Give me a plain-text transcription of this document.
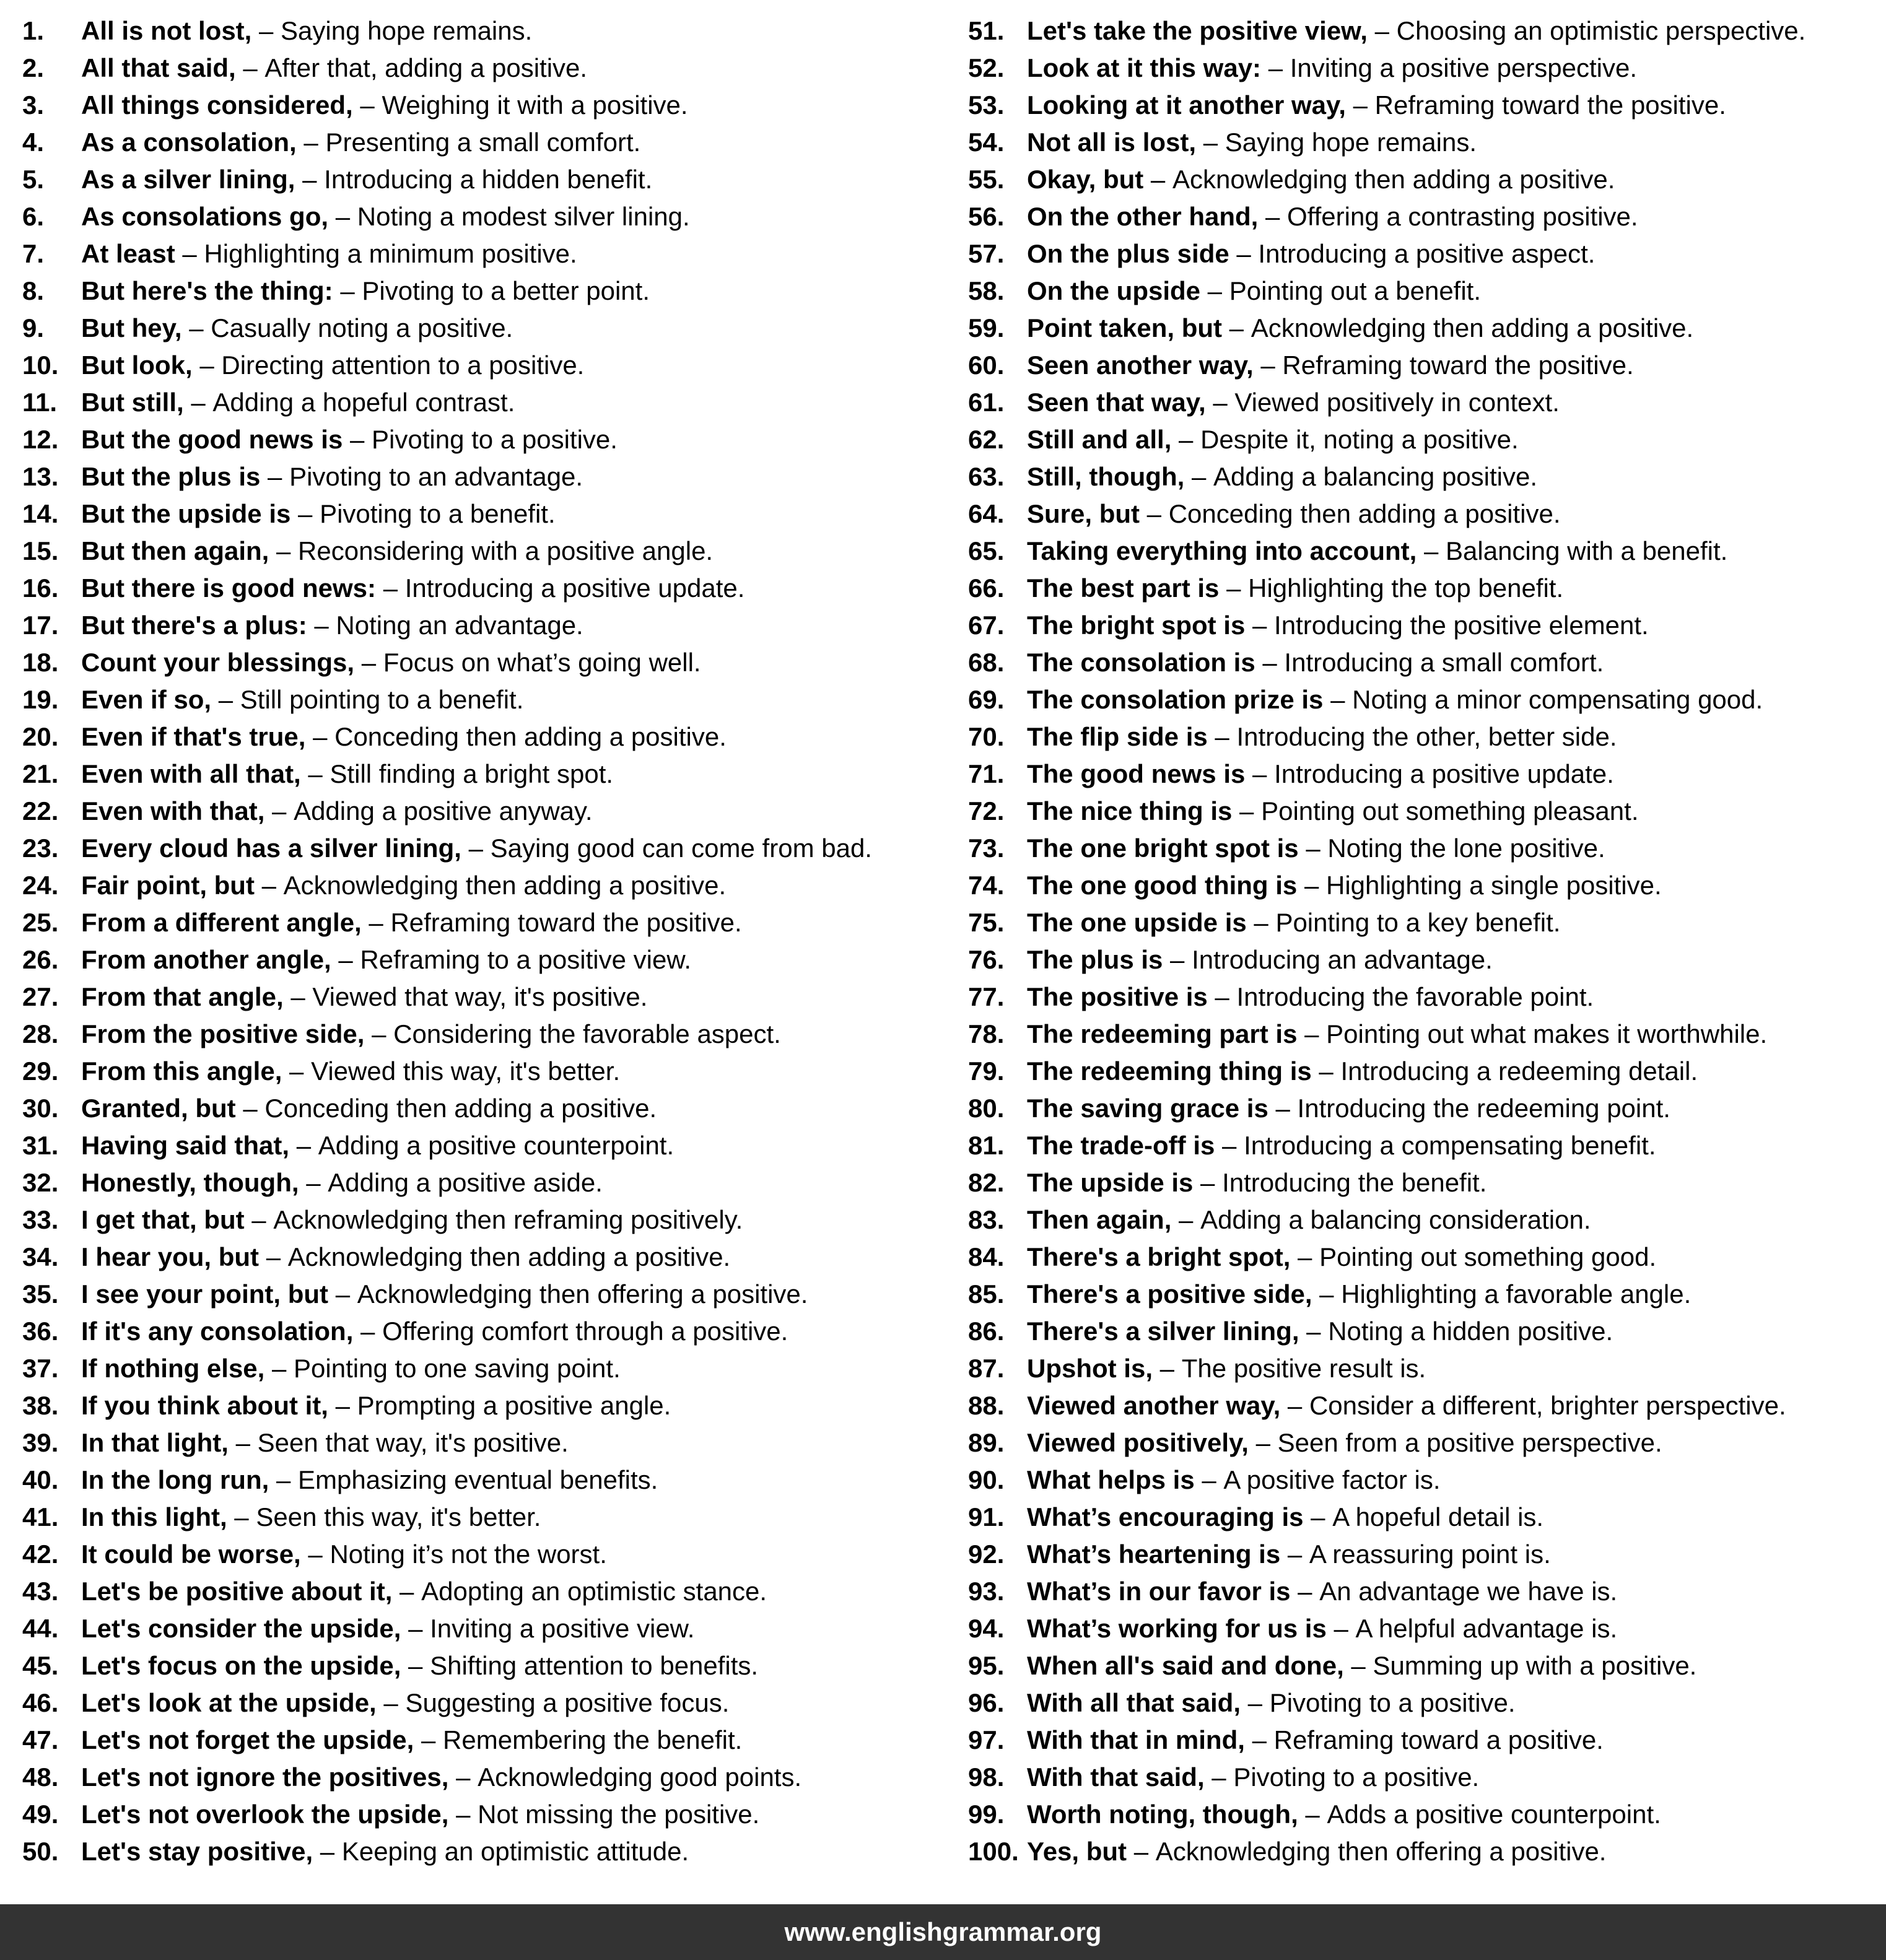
1.	All is not lost, – Saying hope remains.
2.	All that said, – After that, adding a positive.
3.	All things considered, – Weighing it with a positive.
4.	As a consolation, – Presenting a small comfort.
5.	As a silver lining, – Introducing a hidden benefit.
6.	As consolations go, – Noting a modest silver lining.
7.	At least – Highlighting a minimum positive.
8.	But here's the thing: – Pivoting to a better point.
9.	But hey, – Casually noting a positive.
10. But look, – Directing attention to a positive.
11. But still, – Adding a hopeful contrast.
12. But the good news is – Pivoting to a positive.
13. But the plus is – Pivoting to an advantage.
14. But the upside is – Pivoting to a benefit.
15. But then again, – Reconsidering with a positive angle.
16. But there is good news: – Introducing a positive update.
17. But there's a plus: – Noting an advantage.
18. Count your blessings, – Focus on what’s going well.
19. Even if so, – Still pointing to a benefit.
20. Even if that's true, – Conceding then adding a positive.
21. Even with all that, – Still finding a bright spot.
22. Even with that, – Adding a positive anyway.
23. Every cloud has a silver lining, – Saying good can come from bad.
24. Fair point, but – Acknowledging then adding a positive.
25. From a different angle, – Reframing toward the positive.
26. From another angle, – Reframing to a positive view.
27. From that angle, – Viewed that way, it's positive.
28. From the positive side, – Considering the favorable aspect.
29. From this angle, – Viewed this way, it's better.
30. Granted, but – Conceding then adding a positive.
31. Having said that, – Adding a positive counterpoint.
32. Honestly, though, – Adding a positive aside.
33. I get that, but – Acknowledging then reframing positively.
34. I hear you, but – Acknowledging then adding a positive.
35. I see your point, but – Acknowledging then offering a positive.
36. If it's any consolation, – Offering comfort through a positive.
37. If nothing else, – Pointing to one saving point.
38. If you think about it, – Prompting a positive angle.
39. In that light, – Seen that way, it's positive.
40. In the long run, – Emphasizing eventual benefits.
41. In this light, – Seen this way, it's better.
42. It could be worse, – Noting it’s not the worst.
43. Let's be positive about it, – Adopting an optimistic stance.
44. Let's consider the upside, – Inviting a positive view.
45. Let's focus on the upside, – Shifting attention to benefits.
46. Let's look at the upside, – Suggesting a positive focus.
47. Let's not forget the upside, – Remembering the benefit.
48. Let's not ignore the positives, – Acknowledging good points.
49. Let's not overlook the upside, – Not missing the positive.
50. Let's stay positive, – Keeping an optimistic attitude.
51. Let's take the positive view, – Choosing an optimistic perspective.
52. Look at it this way: – Inviting a positive perspective.
53. Looking at it another way, – Reframing toward the positive.
54. Not all is lost, – Saying hope remains.
55. Okay, but – Acknowledging then adding a positive.
56. On the other hand, – Offering a contrasting positive.
57. On the plus side – Introducing a positive aspect.
58. On the upside – Pointing out a benefit.
59. Point taken, but – Acknowledging then adding a positive.
60. Seen another way, – Reframing toward the positive.
61. Seen that way, – Viewed positively in context.
62. Still and all, – Despite it, noting a positive.
63. Still, though, – Adding a balancing positive.
64. Sure, but – Conceding then adding a positive.
65. Taking everything into account, – Balancing with a benefit.
66. The best part is – Highlighting the top benefit.
67. The bright spot is – Introducing the positive element.
68. The consolation is – Introducing a small comfort.
69. The consolation prize is – Noting a minor compensating good.
70. The flip side is – Introducing the other, better side.
71. The good news is – Introducing a positive update.
72. The nice thing is – Pointing out something pleasant.
73. The one bright spot is – Noting the lone positive.
74. The one good thing is – Highlighting a single positive.
75. The one upside is – Pointing to a key benefit.
76. The plus is – Introducing an advantage.
77. The positive is – Introducing the favorable point.
78. The redeeming part is – Pointing out what makes it worthwhile.
79. The redeeming thing is – Introducing a redeeming detail.
80. The saving grace is – Introducing the redeeming point.
81. The trade-off is – Introducing a compensating benefit.
82. The upside is – Introducing the benefit.
83. Then again, – Adding a balancing consideration.
84. There's a bright spot, – Pointing out something good.
85. There's a positive side, – Highlighting a favorable angle.
86. There's a silver lining, – Noting a hidden positive.
87. Upshot is, – The positive result is.
88. Viewed another way, – Consider a different, brighter perspective.
89. Viewed positively, – Seen from a positive perspective.
90. What helps is – A positive factor is.
91. What’s encouraging is – A hopeful detail is.
92. What’s heartening is – A reassuring point is.
93. What’s in our favor is – An advantage we have is.
94. What’s working for us is – A helpful advantage is.
95. When all's said and done, – Summing up with a positive.
96. With all that said, – Pivoting to a positive.
97. With that in mind, – Reframing toward a positive.
98. With that said, – Pivoting to a positive.
99. Worth noting, though, – Adds a positive counterpoint.
100. Yes, but – Acknowledging then offering a positive.
www.englishgrammar.org
